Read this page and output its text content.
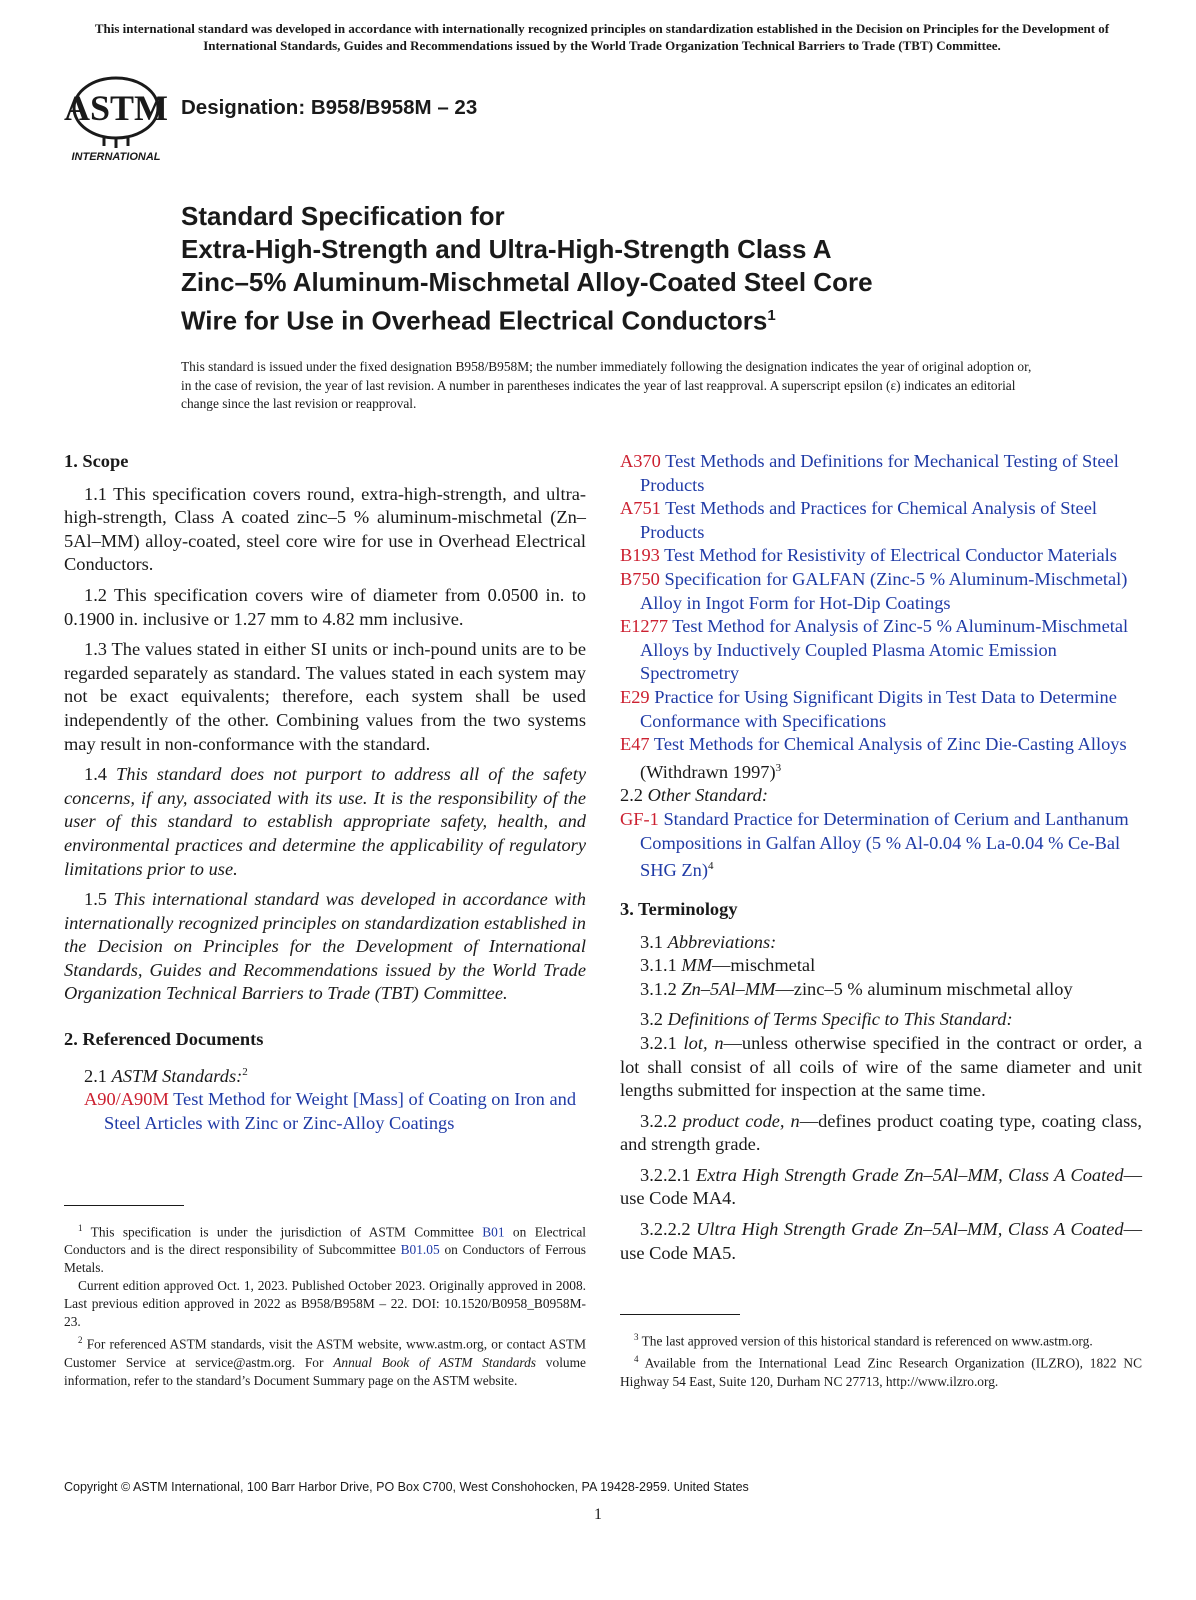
This international standard was developed in accordance with internationally recognized principles on standardization established in the Decision on Principles for the Development of International Standards, Guides and Recommendations issued by the World Trade Organization Technical Barriers to Trade (TBT) Committee.
ASTM
INTERNATIONAL
Designation: B958/B958M – 23
Standard Specification for
Extra-High-Strength and Ultra-High-Strength Class A
Zinc–5% Aluminum-Mischmetal Alloy-Coated Steel Core
Wire for Use in Overhead Electrical Conductors$^1$
This standard is issued under the fixed designation B958/B958M; the number immediately following the designation indicates the year of original adoption or, in the case of revision, the year of last revision. A number in parentheses indicates the year of last reapproval. A superscript epsilon (ε) indicates an editorial change since the last revision or reapproval.
1. Scope

1.1 This specification covers round, extra-high-strength, and ultra-high-strength, Class A coated zinc–5 % aluminum-mischmetal (Zn–5Al–MM) alloy-coated, steel core wire for use in Overhead Electrical Conductors.

1.2 This specification covers wire of diameter from 0.0500 in. to 0.1900 in. inclusive or 1.27 mm to 4.82 mm inclusive.

1.3 The values stated in either SI units or inch-pound units are to be regarded separately as standard. The values stated in each system may not be exact equivalents; therefore, each system shall be used independently of the other. Combining values from the two systems may result in non-conformance with the standard.

1.4 This standard does not purport to address all of the safety concerns, if any, associated with its use. It is the responsibility of the user of this standard to establish appropriate safety, health, and environmental practices and determine the applicability of regulatory limitations prior to use.

1.5 This international standard was developed in accordance with internationally recognized principles on standardization established in the Decision on Principles for the Development of International Standards, Guides and Recommendations issued by the World Trade Organization Technical Barriers to Trade (TBT) Committee.

2. Referenced Documents

2.1 ASTM Standards:$^2$

A90/A90M Test Method for Weight [Mass] of Coating on Iron and Steel Articles with Zinc or Zinc-Alloy Coatings

A370 Test Methods and Definitions for Mechanical Testing of Steel Products

A751 Test Methods and Practices for Chemical Analysis of Steel Products

B193 Test Method for Resistivity of Electrical Conductor Materials

B750 Specification for GALFAN (Zinc-5 % Aluminum-Mischmetal) Alloy in Ingot Form for Hot-Dip Coatings

E1277 Test Method for Analysis of Zinc-5 % Aluminum-Mischmetal Alloys by Inductively Coupled Plasma Atomic Emission Spectrometry

E29 Practice for Using Significant Digits in Test Data to Determine Conformance with Specifications

E47 Test Methods for Chemical Analysis of Zinc Die-Casting Alloys (Withdrawn 1997)$^3$

2.2 Other Standard:

GF-1 Standard Practice for Determination of Cerium and Lanthanum Compositions in Galfan Alloy (5 % Al-0.04 % La-0.04 % Ce-Bal SHG Zn)$^4$

3. Terminology

3.1 Abbreviations:

3.1.1 MM—mischmetal

3.1.2 Zn–5Al–MM—zinc–5 % aluminum mischmetal alloy

3.2 Definitions of Terms Specific to This Standard:

3.2.1 lot, n—unless otherwise specified in the contract or order, a lot shall consist of all coils of wire of the same diameter and unit lengths submitted for inspection at the same time.

3.2.2 product code, n—defines product coating type, coating class, and strength grade.

3.2.2.1 Extra High Strength Grade Zn–5Al–MM, Class A Coated—use Code MA4.

3.2.2.2 Ultra High Strength Grade Zn–5Al–MM, Class A Coated—use Code MA5.

$^1$ This specification is under the jurisdiction of ASTM Committee B01 on Electrical Conductors and is the direct responsibility of Subcommittee B01.05 on Conductors of Ferrous Metals.

Current edition approved Oct. 1, 2023. Published October 2023. Originally approved in 2008. Last previous edition approved in 2022 as B958/B958M – 22. DOI: 10.1520/B0958_B0958M-23.

$^2$ For referenced ASTM standards, visit the ASTM website, www.astm.org, or contact ASTM Customer Service at service@astm.org. For Annual Book of ASTM Standards volume information, refer to the standard’s Document Summary page on the ASTM website.

$^3$ The last approved version of this historical standard is referenced on www.astm.org.

$^4$ Available from the International Lead Zinc Research Organization (ILZRO), 1822 NC Highway 54 East, Suite 120, Durham NC 27713, http://www.ilzro.org.

Copyright © ASTM International, 100 Barr Harbor Drive, PO Box C700, West Conshohocken, PA 19428-2959. United States
1
